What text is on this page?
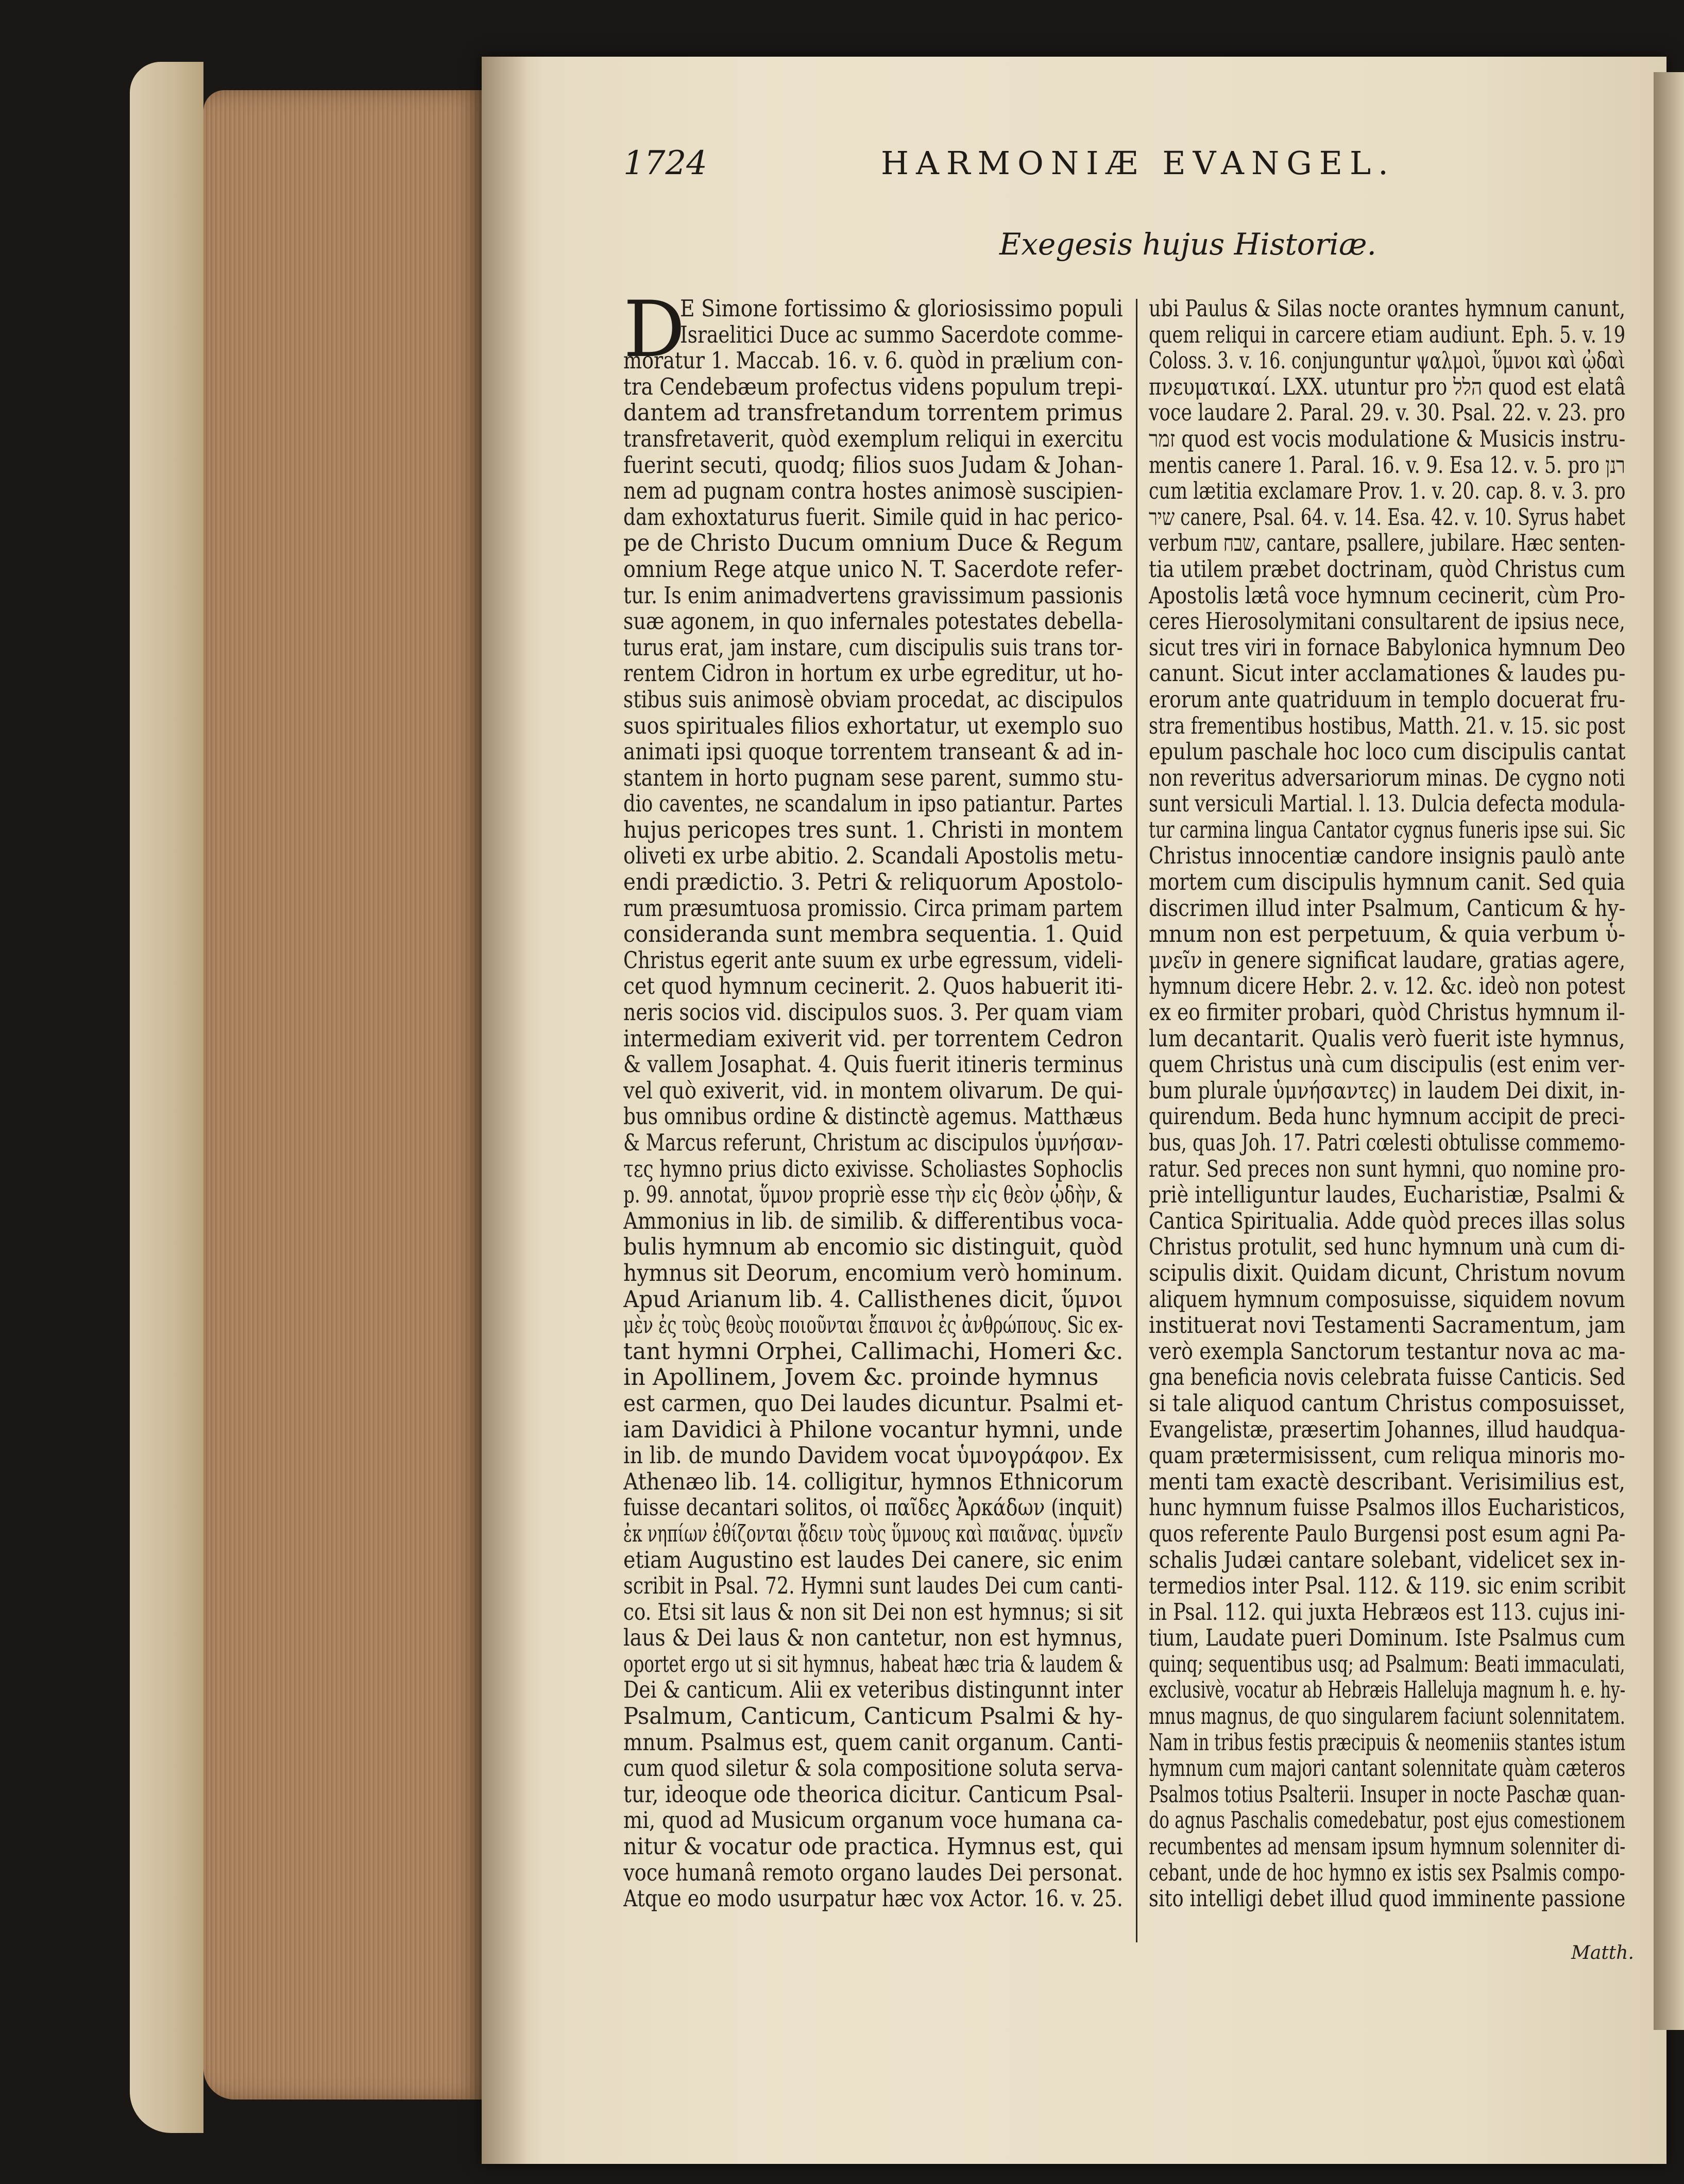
1724	HARMONIÆ EVANGEL.
Exegesis hujus Historiæ.
D
E Simone fortissimo & gloriosissimo populi
Israelitici Duce ac summo Sacerdote comme-
moratur 1. Maccab. 16. v. 6. quòd in prælium con-
tra Cendebæum profectus videns populum trepi-
dantem ad transfretandum torrentem primus
transfretaverit, quòd exemplum reliqui in exercitu
fuerint secuti, quodq; filios suos Judam & Johan-
nem ad pugnam contra hostes animosè suscipien-
dam exhoxtaturus fuerit. Simile quid in hac perico-
pe de Christo Ducum omnium Duce & Regum
omnium Rege atque unico N. T. Sacerdote refer-
tur. Is enim animadvertens gravissimum passionis
suæ agonem, in quo infernales potestates debella-
turus erat, jam instare, cum discipulis suis trans tor-
rentem Cidron in hortum ex urbe egreditur, ut ho-
stibus suis animosè obviam procedat, ac discipulos
suos spirituales filios exhortatur, ut exemplo suo
animati ipsi quoque torrentem transeant & ad in-
stantem in horto pugnam sese parent, summo stu-
dio caventes, ne scandalum in ipso patiantur. Partes
hujus pericopes tres sunt. 1. Christi in montem
oliveti ex urbe abitio. 2. Scandali Apostolis metu-
endi prædictio. 3. Petri & reliquorum Apostolo-
rum præsumtuosa promissio. Circa primam partem
consideranda sunt membra sequentia. 1. Quid
Christus egerit ante suum ex urbe egressum, videli-
cet quod hymnum cecinerit. 2. Quos habuerit iti-
neris socios vid. discipulos suos. 3. Per quam viam
intermediam exiverit vid. per torrentem Cedron
& vallem Josaphat. 4. Quis fuerit itineris terminus
vel quò exiverit, vid. in montem olivarum. De qui-
bus omnibus ordine & distinctè agemus. Matthæus
& Marcus referunt, Christum ac discipulos ὑμνήσαν-
τες hymno prius dicto exivisse. Scholiastes Sophoclis
p. 99. annotat, ὕμνον propriè esse τὴν εἰς θεὸν ᾠδὴν, &
Ammonius in lib. de similib. & differentibus voca-
bulis hymnum ab encomio sic distinguit, quòd
hymnus sit Deorum, encomium verò hominum.
Apud Arianum lib. 4. Callisthenes dicit, ὕμνοι
μὲν ἐς τοὺς θεοὺς ποιοῦνται ἔπαινοι ἐς ἀνθρώπους. Sic ex-
tant hymni Orphei, Callimachi, Homeri &c.
in Apollinem, Jovem &c. proinde hymnus
est carmen, quo Dei laudes dicuntur. Psalmi et-
iam Davidici à Philone vocantur hymni, unde
in lib. de mundo Davidem vocat ὑμνογράφον. Ex
Athenæo lib. 14. colligitur, hymnos Ethnicorum
fuisse decantari solitos, οἱ παῖδες Ἀρκάδων (inquit)
ἐκ νηπίων ἐθίζονται ᾄδειν τοὺς ὕμνους καὶ παιᾶνας. ὑμνεῖν
etiam Augustino est laudes Dei canere, sic enim
scribit in Psal. 72. Hymni sunt laudes Dei cum canti-
co. Etsi sit laus & non sit Dei non est hymnus; si sit
laus & Dei laus & non cantetur, non est hymnus,
oportet ergo ut si sit hymnus, habeat hæc tria & laudem &
Dei & canticum. Alii ex veteribus distingunnt inter
Psalmum, Canticum, Canticum Psalmi & hy-
mnum. Psalmus est, quem canit organum. Canti-
cum quod siletur & sola compositione soluta serva-
tur, ideoque ode theorica dicitur. Canticum Psal-
mi, quod ad Musicum organum voce humana ca-
nitur & vocatur ode practica. Hymnus est, qui
voce humanâ remoto organo laudes Dei personat.
Atque eo modo usurpatur hæc vox Actor. 16. v. 25.
ubi Paulus & Silas nocte orantes hymnum canunt,
quem reliqui in carcere etiam audiunt. Eph. 5. v. 19
Coloss. 3. v. 16. conjunguntur ψαλμοὶ, ὕμνοι καὶ ᾠδαὶ
πνευματικαί. LXX. utuntur pro הלל quod est elatâ
voce laudare 2. Paral. 29. v. 30. Psal. 22. v. 23. pro
זמר quod est vocis modulatione & Musicis instru-
mentis canere 1. Paral. 16. v. 9. Esa 12. v. 5. pro רנן
cum lætitia exclamare Prov. 1. v. 20. cap. 8. v. 3. pro
שיר canere, Psal. 64. v. 14. Esa. 42. v. 10. Syrus habet
verbum שבח, cantare, psallere, jubilare. Hæc senten-
tia utilem præbet doctrinam, quòd Christus cum
Apostolis lætâ voce hymnum cecinerit, cùm Pro-
ceres Hierosolymitani consultarent de ipsius nece,
sicut tres viri in fornace Babylonica hymnum Deo
canunt. Sicut inter acclamationes & laudes pu-
erorum ante quatriduum in templo docuerat fru-
stra frementibus hostibus, Matth. 21. v. 15. sic post
epulum paschale hoc loco cum discipulis cantat
non reveritus adversariorum minas. De cygno noti
sunt versiculi Martial. l. 13. Dulcia defecta modula-
tur carmina lingua Cantator cygnus funeris ipse sui. Sic
Christus innocentiæ candore insignis paulò ante
mortem cum discipulis hymnum canit. Sed quia
discrimen illud inter Psalmum, Canticum & hy-
mnum non est perpetuum, & quia verbum ὑ-
μνεῖν in genere significat laudare, gratias agere,
hymnum dicere Hebr. 2. v. 12. &c. ideò non potest
ex eo firmiter probari, quòd Christus hymnum il-
lum decantarit. Qualis verò fuerit iste hymnus,
quem Christus unà cum discipulis (est enim ver-
bum plurale ὑμνήσαντες) in laudem Dei dixit, in-
quirendum. Beda hunc hymnum accipit de preci-
bus, quas Joh. 17. Patri cœlesti obtulisse commemo-
ratur. Sed preces non sunt hymni, quo nomine pro-
priè intelliguntur laudes, Eucharistiæ, Psalmi &
Cantica Spiritualia. Adde quòd preces illas solus
Christus protulit, sed hunc hymnum unà cum di-
scipulis dixit. Quidam dicunt, Christum novum
aliquem hymnum composuisse, siquidem novum
instituerat novi Testamenti Sacramentum, jam
verò exempla Sanctorum testantur nova ac ma-
gna beneficia novis celebrata fuisse Canticis. Sed
si tale aliquod cantum Christus composuisset,
Evangelistæ, præsertim Johannes, illud haudqua-
quam prætermisissent, cum reliqua minoris mo-
menti tam exactè describant. Verisimilius est,
hunc hymnum fuisse Psalmos illos Eucharisticos,
quos referente Paulo Burgensi post esum agni Pa-
schalis Judæi cantare solebant, videlicet sex in-
termedios inter Psal. 112. & 119. sic enim scribit
in Psal. 112. qui juxta Hebræos est 113. cujus ini-
tium, Laudate pueri Dominum. Iste Psalmus cum
quinq; sequentibus usq; ad Psalmum: Beati immaculati,
exclusivè, vocatur ab Hebræis Halleluja magnum h. e. hy-
mnus magnus, de quo singularem faciunt solennitatem.
Nam in tribus festis præcipuis & neomeniis stantes istum
hymnum cum majori cantant solennitate quàm cæteros
Psalmos totius Psalterii. Insuper in nocte Paschæ quan-
do agnus Paschalis comedebatur, post ejus comestionem
recumbentes ad mensam ipsum hymnum solenniter di-
cebant, unde de hoc hymno ex istis sex Psalmis compo-
sito intelligi debet illud quod imminente passione
Matth.
